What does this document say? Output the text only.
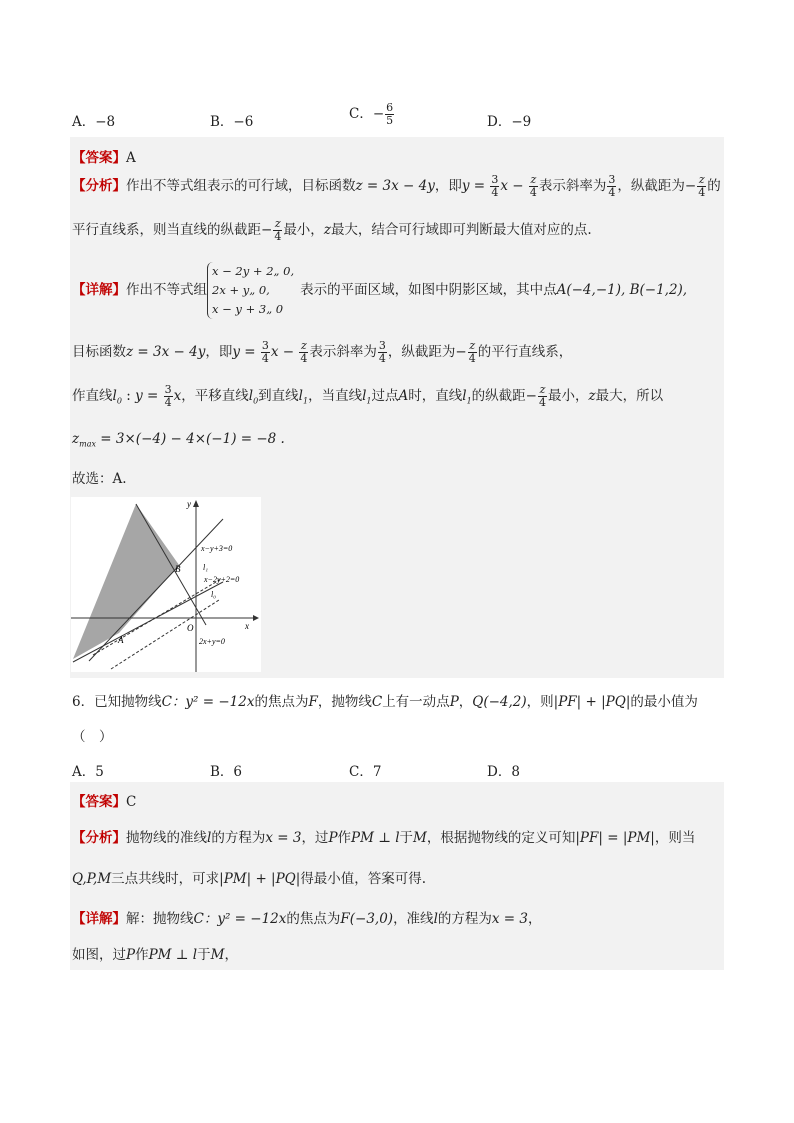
A．−8	B．−6	C．− $\frac{6}{5}$	D．−9
【答案】A
【分析】作出不等式组表示的可行域，目标函数z = 3x − 4y，即$y = \frac{3}{4}$ $x - \frac{z}{4}$ 表示斜率为 $\frac{3}{4}$ ，纵截距为− $\frac{z}{4}$ 的
平行直线系，则当直线的纵截距− $\frac{z}{4}$ 最小，z最大，结合可行域即可判断最大值对应的点.
【详解】作出不等式组
x − 2y + 2„ 0,
2x + y„ 0,
x − y + 3„ 0
表示的平面区域，如图中阴影区域，其中点A(−4,−1), B(−1,2),
目标函数z = 3x − 4y，即$y = \frac{3}{4}$ $x - \frac{z}{4}$ 表示斜率为 $\frac{3}{4}$ ，纵截距为− $\frac{z}{4}$ 的平行直线系，
作直线$l_0$ : $y = \frac{3}{4}$ x，平移直线$l_0$到直线$l_1$，当直线$l_1$过点A时，直线$l_1$的纵截距− $\frac{z}{4}$ 最小，z最大，所以
$z_{max} = 3\times(-4) - 4\times(-1) = -8$ .
故选：A.
y
x
O
A
B
x−y+3=0
x−2y+2=0
2x+y=0
l₁
l₀
6．已知抛物线C：y² = −12x的焦点为F，抛物线C上有一动点P，Q(−4,2)，则|PF| + |PQ|的最小值为
（　）
A．5	B．6	C．7	D．8
【答案】C
【分析】抛物线的准线l的方程为x = 3，过P作PM ⊥ l于M，根据抛物线的定义可知|PF| = |PM|，则当
Q,P,M三点共线时，可求|PM| + |PQ|得最小值，答案可得.
【详解】解：抛物线C：y² = −12x的焦点为F(−3,0)，准线l的方程为x = 3，
如图，过P作PM ⊥ l于M，
